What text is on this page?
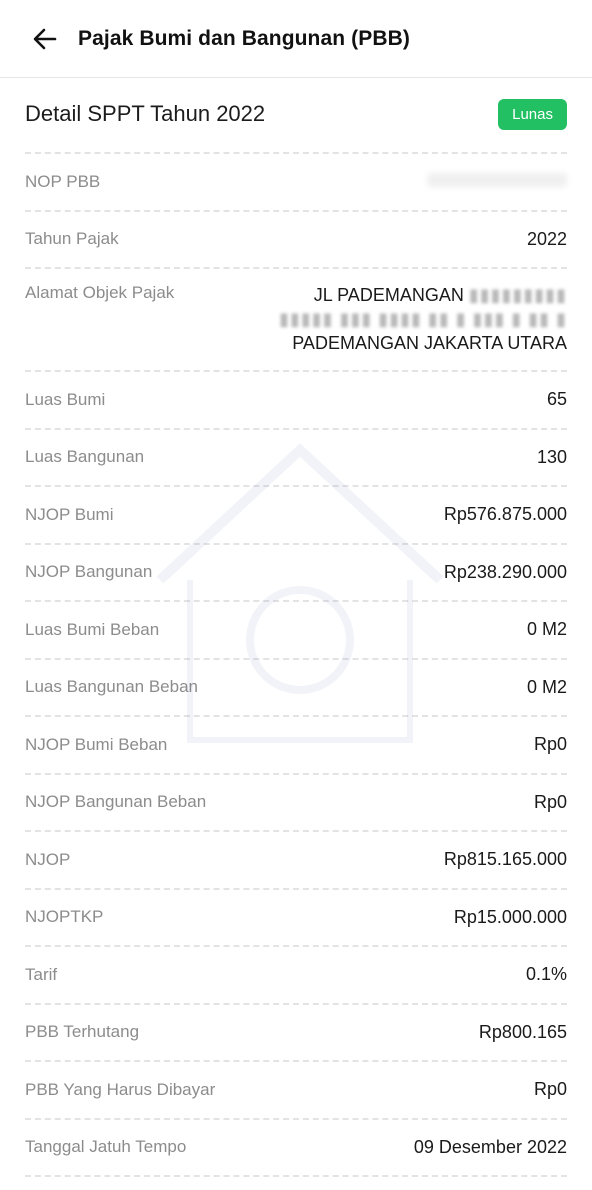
Pajak Bumi dan Bangunan (PBB)
Detail SPPT Tahun 2022	Lunas
NOP PBB
Tahun Pajak	2022
Alamat Objek Pajak	JL PADEMANGAN ▮▮▮▮▮▮▮▮▮
▮▮▮▮▮ ▮▮▮ ▮▮▮▮ ▮▮ ▮ ▮▮▮ ▮ ▮▮ ▮
PADEMANGAN JAKARTA UTARA
Luas Bumi	65
Luas Bangunan	130
NJOP Bumi	Rp576.875.000
NJOP Bangunan	Rp238.290.000
Luas Bumi Beban	0 M2
Luas Bangunan Beban	0 M2
NJOP Bumi Beban	Rp0
NJOP Bangunan Beban	Rp0
NJOP	Rp815.165.000
NJOPTKP	Rp15.000.000
Tarif	0.1%
PBB Terhutang	Rp800.165
PBB Yang Harus Dibayar	Rp0
Tanggal Jatuh Tempo	09 Desember 2022
